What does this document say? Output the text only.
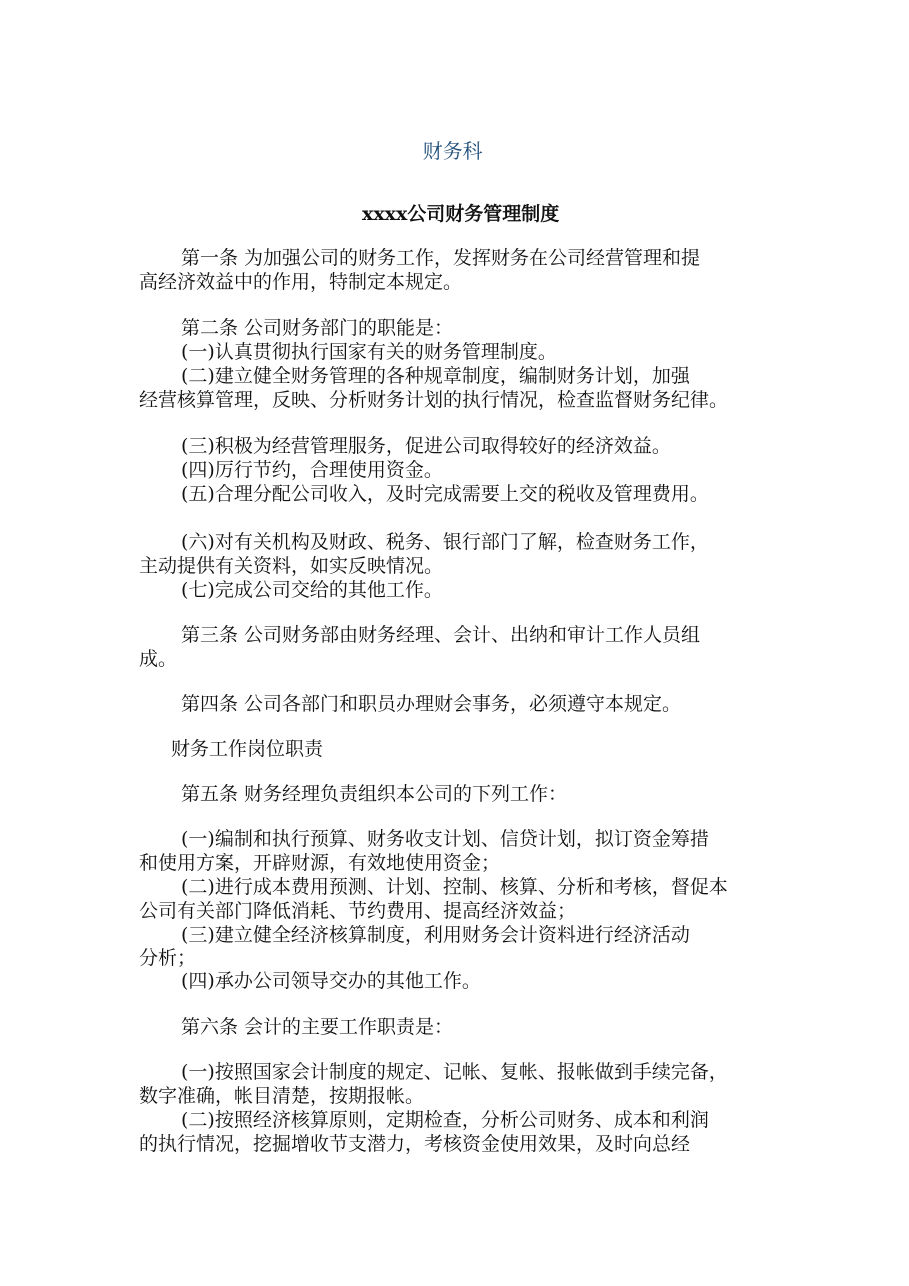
财务科
xxxx公司财务管理制度
第一条 为加强公司的财务工作，发挥财务在公司经营管理和提
高经济效益中的作用，特制定本规定。
第二条 公司财务部门的职能是：
(一)认真贯彻执行国家有关的财务管理制度。
(二)建立健全财务管理的各种规章制度，编制财务计划，加强
经营核算管理，反映、分析财务计划的执行情况，检查监督财务纪律。
(三)积极为经营管理服务，促进公司取得较好的经济效益。
(四)厉行节约，合理使用资金。
(五)合理分配公司收入，及时完成需要上交的税收及管理费用。
(六)对有关机构及财政、税务、银行部门了解，检查财务工作，
主动提供有关资料，如实反映情况。
(七)完成公司交给的其他工作。
第三条 公司财务部由财务经理、会计、出纳和审计工作人员组
成。
第四条 公司各部门和职员办理财会事务，必须遵守本规定。
财务工作岗位职责
第五条 财务经理负责组织本公司的下列工作：
(一)编制和执行预算、财务收支计划、信贷计划，拟订资金筹措
和使用方案，开辟财源，有效地使用资金；
(二)进行成本费用预测、计划、控制、核算、分析和考核，督促本
公司有关部门降低消耗、节约费用、提高经济效益；
(三)建立健全经济核算制度，利用财务会计资料进行经济活动
分析；
(四)承办公司领导交办的其他工作。
第六条 会计的主要工作职责是：
(一)按照国家会计制度的规定、记帐、复帐、报帐做到手续完备，
数字准确，帐目清楚，按期报帐。
(二)按照经济核算原则，定期检查，分析公司财务、成本和利润
的执行情况，挖掘增收节支潜力，考核资金使用效果，及时向总经
